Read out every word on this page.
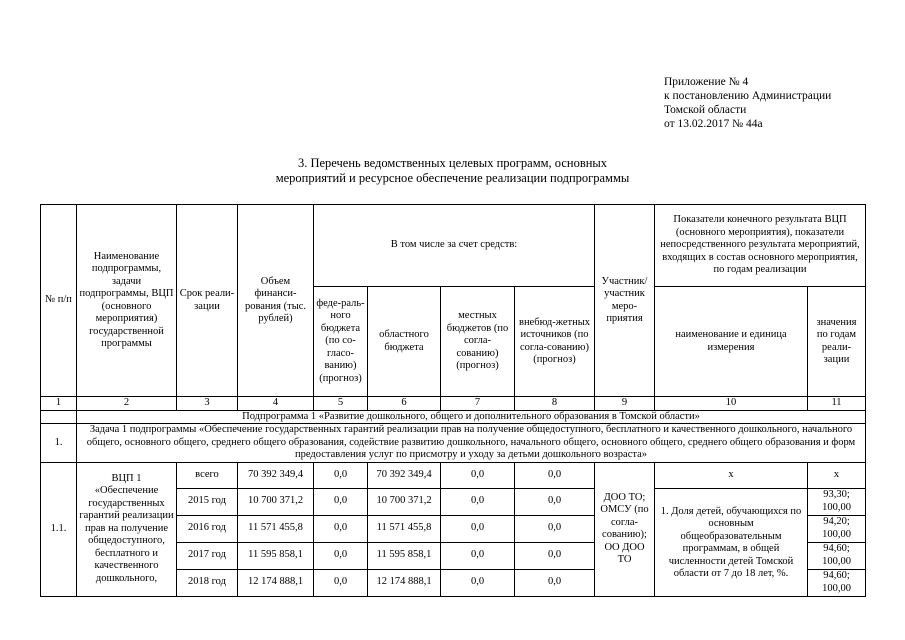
Приложение № 4
к постановлению Администрации
Томской области
от 13.02.2017 № 44а
3. Перечень ведомственных целевых программ, основных
мероприятий и ресурсное обеспечение реализации подпрограммы
№ п/п	Наименование подпрограммы, задачи подпрограммы, ВЦП (основного мероприятия) государственной программы	Срок реали-зации	Объем финанси-рования (тыс. рублей)	В том числе за счет средств:				Участник/ участник меро-приятия	Показатели конечного результата ВЦП (основного мероприятия), показатели непосредственного результата мероприятий, входящих в состав основного мероприятия, по годам реализации	
				феде-раль-ного бюджета (по со-гласо-ванию) (прогноз)	областного бюджета	местных бюджетов (по согла-сованию) (прогноз)	внебюд-жетных источников (по согла-сованию) (прогноз)		наименование и единица измерения	значения по годам реали-зации
1	2	3	4	5	6	7	8	9	10	11
	Подпрограмма 1 «Развитие дошкольного, общего и дополнительного образования в Томской области»									
1.	Задача 1 подпрограммы «Обеспечение государственных гарантий реализации прав на получение общедоступного, бесплатного и качественного дошкольного, начального общего, основного общего, среднего общего образования, содействие развитию дошкольного, начального общего, основного общего, среднего общего образования и форм предоставления услуг по присмотру и уходу за детьми дошкольного возраста»									
1.1.	ВЦП 1 «Обеспечение государственных гарантий реализации прав на получение общедоступного, бесплатного и качественного дошкольного,	всего	70 392 349,4	0,0	70 392 349,4	0,0	0,0	ДОО ТО; ОМСУ (по согла-сованию); ОО ДОО ТО	x	x
		2015 год	10 700 371,2	0,0	10 700 371,2	0,0	0,0		1. Доля детей, обучающихся по основным общеобразовательным программам, в общей численности детей Томской области от 7 до 18 лет, %.	93,30; 100,00
		2016 год	11 571 455,8	0,0	11 571 455,8	0,0	0,0			94,20; 100,00
		2017 год	11 595 858,1	0,0	11 595 858,1	0,0	0,0			94,60; 100,00
		2018 год	12 174 888,1	0,0	12 174 888,1	0,0	0,0			94,60; 100,00
